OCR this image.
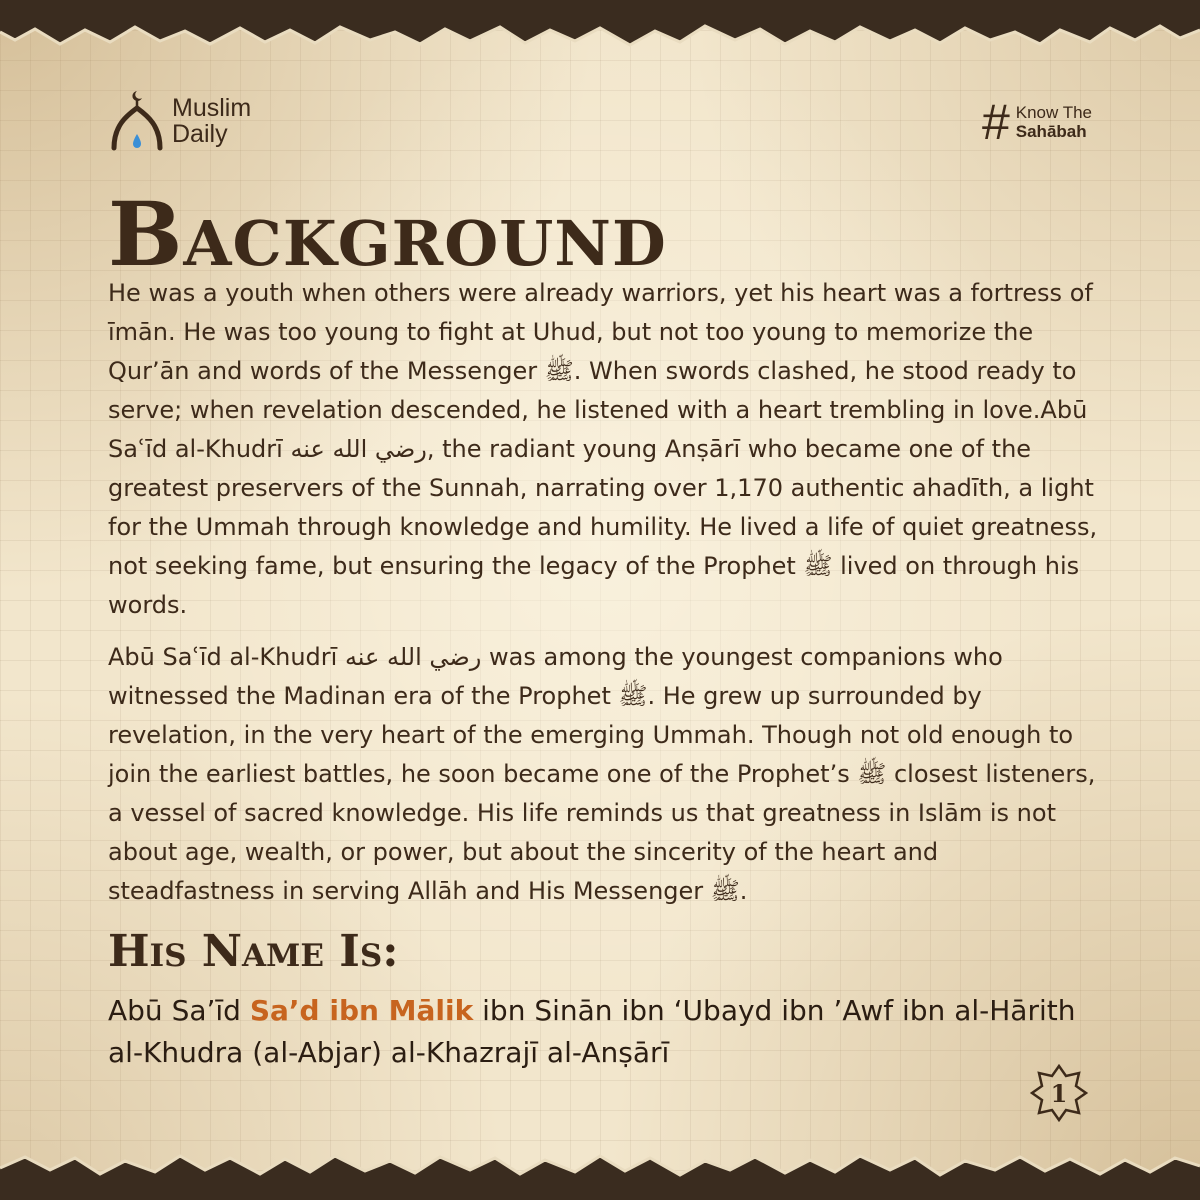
Muslim
Daily	# Know The
Sahābah
Background

He was a youth when others were already warriors, yet his heart was a fortress of īmān. He was too young to fight at Uhud, but not too young to memorize the Qur’ān and words of the Messenger ﷺ. When swords clashed, he stood ready to serve; when revelation descended, he listened with a heart trembling in love.Abū Saʿīd al-Khudrī رضي الله عنه, the radiant young Anṣārī who became one of the greatest preservers of the Sunnah, narrating over 1,170 authentic ahadīth, a light for the Ummah through knowledge and humility. He lived a life of quiet greatness, not seeking fame, but ensuring the legacy of the Prophet ﷺ lived on through his words.

Abū Saʿīd al-Khudrī رضي الله عنه was among the youngest companions who witnessed the Madinan era of the Prophet ﷺ. He grew up surrounded by revelation, in the very heart of the emerging Ummah. Though not old enough to join the earliest battles, he soon became one of the Prophet’s ﷺ closest listeners, a vessel of sacred knowledge. His life reminds us that greatness in Islām is not about age, wealth, or power, but about the sincerity of the heart and steadfastness in serving Allāh and His Messenger ﷺ.

His Name Is:

Abū Sa’īd Sa’d ibn Mālik ibn Sinān ibn ‘Ubayd ibn ’Awf ibn al-Hārith al-Khudra (al-Abjar) al-Khazrajī al-Anṣārī

1
